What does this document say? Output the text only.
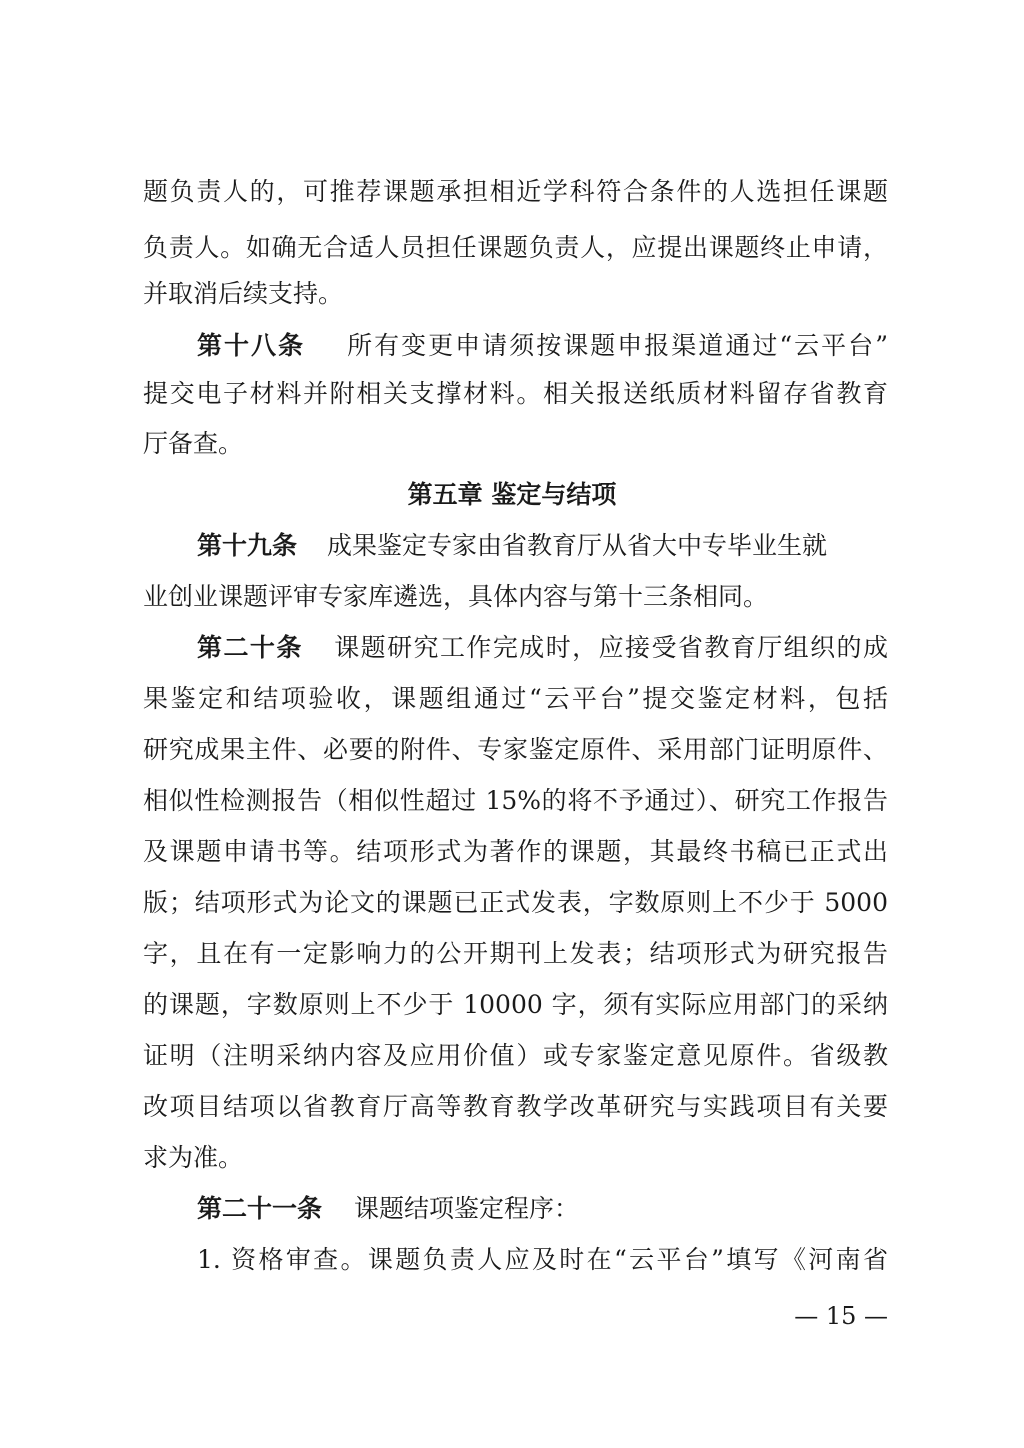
题负责人的，可推荐课题承担相近学科符合条件的人选担任课题
负责人。如确无合适人员担任课题负责人，应提出课题终止申请，
并取消后续支持。
第十八条 所有变更申请须按课题申报渠道通过“云平台”
提交电子材料并附相关支撑材料。相关报送纸质材料留存省教育
厅备查。
第五章 鉴定与结项
第十九条 成果鉴定专家由省教育厅从省大中专毕业生就
业创业课题评审专家库遴选，具体内容与第十三条相同。
第二十条 课题研究工作完成时，应接受省教育厅组织的成
果鉴定和结项验收，课题组通过“云平台”提交鉴定材料，包括
研究成果主件、必要的附件、专家鉴定原件、采用部门证明原件、
相似性检测报告（相似性超过 15%的将不予通过）、研究工作报告
及课题申请书等。结项形式为著作的课题，其最终书稿已正式出
版；结项形式为论文的课题已正式发表，字数原则上不少于 5000
字，且在有一定影响力的公开期刊上发表；结项形式为研究报告
的课题，字数原则上不少于 10000 字，须有实际应用部门的采纳
证明（注明采纳内容及应用价值）或专家鉴定意见原件。省级教
改项目结项以省教育厅高等教育教学改革研究与实践项目有关要
求为准。
第二十一条 课题结项鉴定程序：
1. 资格审查。课题负责人应及时在“云平台”填写《河南省
— 15 —
